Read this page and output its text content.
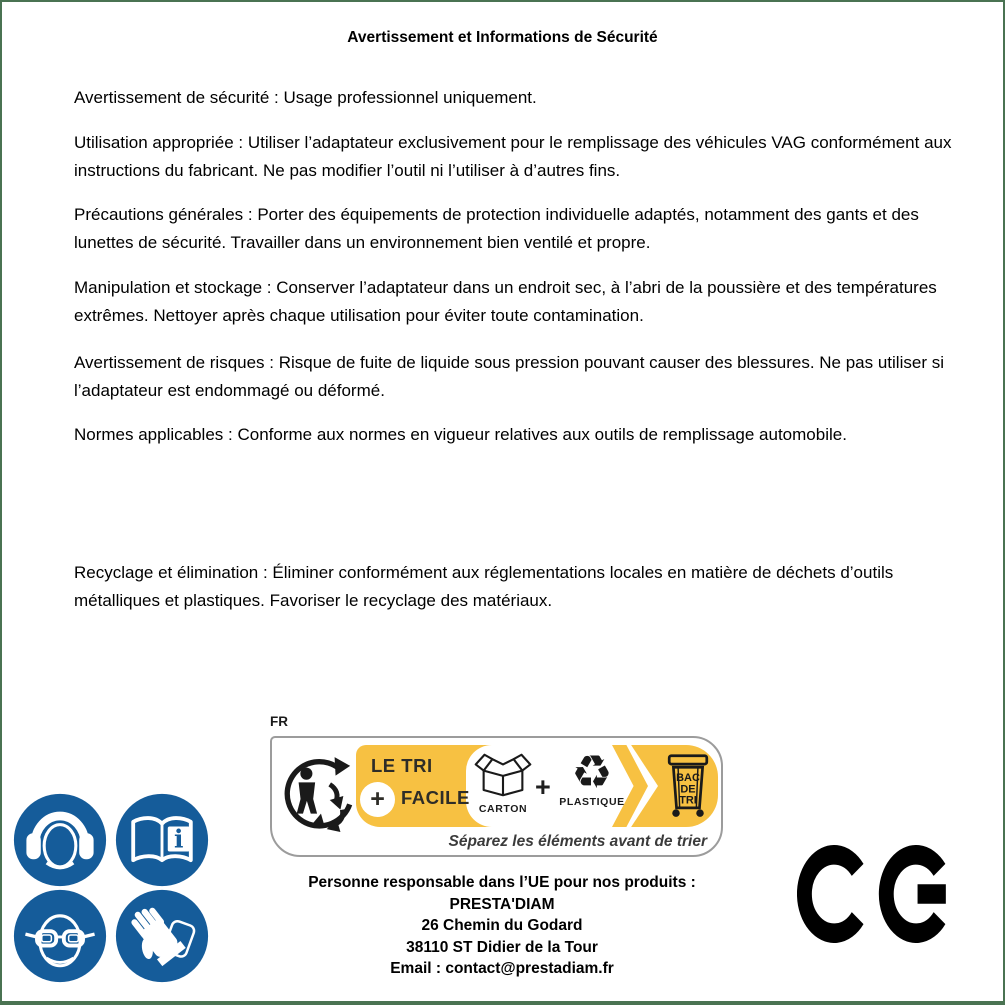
Avertissement et Informations de Sécurité

Avertissement de sécurité : Usage professionnel uniquement.

Utilisation appropriée : Utiliser l’adaptateur exclusivement pour le remplissage des véhicules VAG conformément aux instructions du fabricant. Ne pas modifier l’outil ni l’utiliser à d’autres fins.

Précautions générales : Porter des équipements de protection individuelle adaptés, notamment des gants et des lunettes de sécurité. Travailler dans un environnement bien ventilé et propre.

Manipulation et stockage : Conserver l’adaptateur dans un endroit sec, à l’abri de la poussière et des températures extrêmes. Nettoyer après chaque utilisation pour éviter toute contamination.

Avertissement de risques : Risque de fuite de liquide sous pression pouvant causer des blessures. Ne pas utiliser si l’adaptateur est endommagé ou déformé.

Normes applicables : Conforme aux normes en vigueur relatives aux outils de remplissage automobile.

Recyclage et élimination : Éliminer conformément aux réglementations locales en matière de déchets d’outils métalliques et plastiques. Favoriser le recyclage des matériaux.

FR
LE TRI
+ FACILE
CARTON
+ ♻
PLASTIQUE
BAC
DE
TRI
Séparez les éléments avant de trier
Personne responsable dans l’UE pour nos produits :
PRESTA'DIAM
26 Chemin du Godard
38110 ST Didier de la Tour
Email : contact@prestadiam.fr
i
